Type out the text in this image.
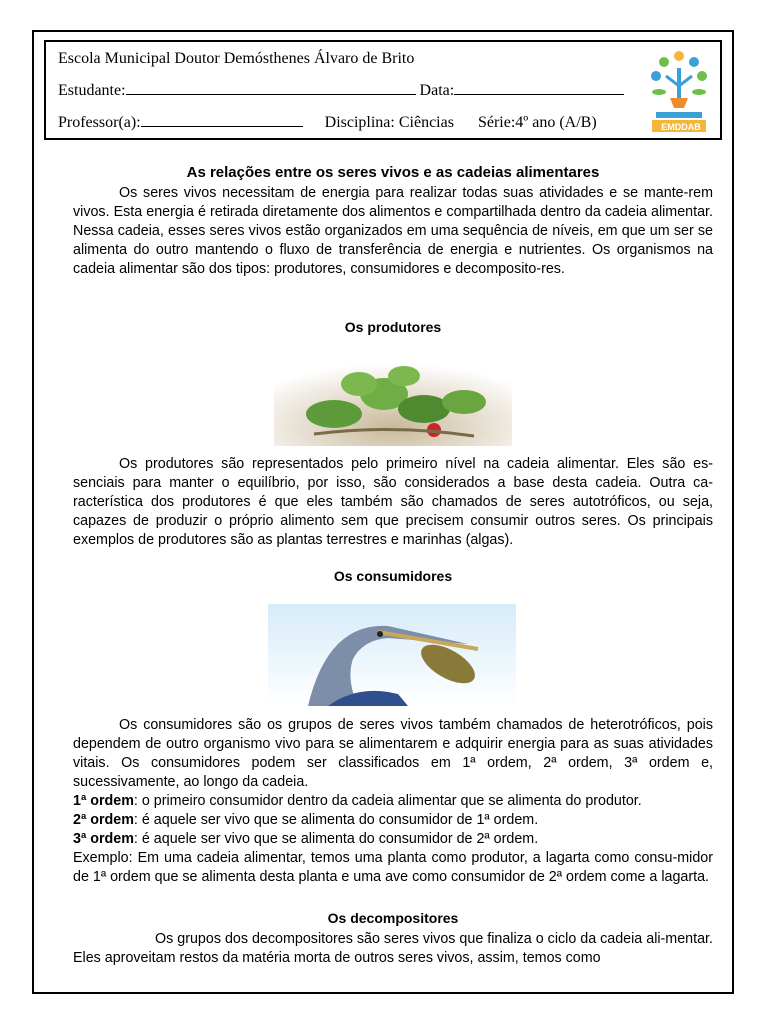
Escola Municipal Doutor Demósthenes Álvaro de Brito
Estudante:	Data:
Professor(a):	Disciplina: Ciências Série:4º ano (A/B)	EMDDAB
As relações entre os seres vivos e as cadeias alimentares

Os seres vivos necessitam de energia para realizar todas suas atividades e se mante-rem vivos. Esta energia é retirada diretamente dos alimentos e compartilhada dentro da cadeia alimentar. Nessa cadeia, esses seres vivos estão organizados em uma sequência de níveis, em que um ser se alimenta do outro mantendo o fluxo de transferência de energia e nutrientes. Os organismos na cadeia alimentar são dos tipos: produtores, consumidores e decomposito-res.

Os produtores

Os produtores são representados pelo primeiro nível na cadeia alimentar. Eles são es-senciais para manter o equilíbrio, por isso, são considerados a base desta cadeia. Outra ca-racterística dos produtores é que eles também são chamados de seres autotróficos, ou seja, capazes de produzir o próprio alimento sem que precisem consumir outros seres. Os principais exemplos de produtores são as plantas terrestres e marinhas (algas).

Os consumidores

Os consumidores são os grupos de seres vivos também chamados de heterotróficos, pois dependem de outro organismo vivo para se alimentarem e adquirir energia para as suas atividades vitais. Os consumidores podem ser classificados em 1ª ordem, 2ª ordem, 3ª ordem e, sucessivamente, ao longo da cadeia.

1ª ordem: o primeiro consumidor dentro da cadeia alimentar que se alimenta do produtor.

2ª ordem: é aquele ser vivo que se alimenta do consumidor de 1ª ordem.

3ª ordem: é aquele ser vivo que se alimenta do consumidor de 2ª ordem.

Exemplo: Em uma cadeia alimentar, temos uma planta como produtor, a lagarta como consu-midor de 1ª ordem que se alimenta desta planta e uma ave como consumidor de 2ª ordem come a lagarta.

Os decompositores

Os grupos dos decompositores são seres vivos que finaliza o ciclo da cadeia ali-mentar. Eles aproveitam restos da matéria morta de outros seres vivos, assim, temos como
